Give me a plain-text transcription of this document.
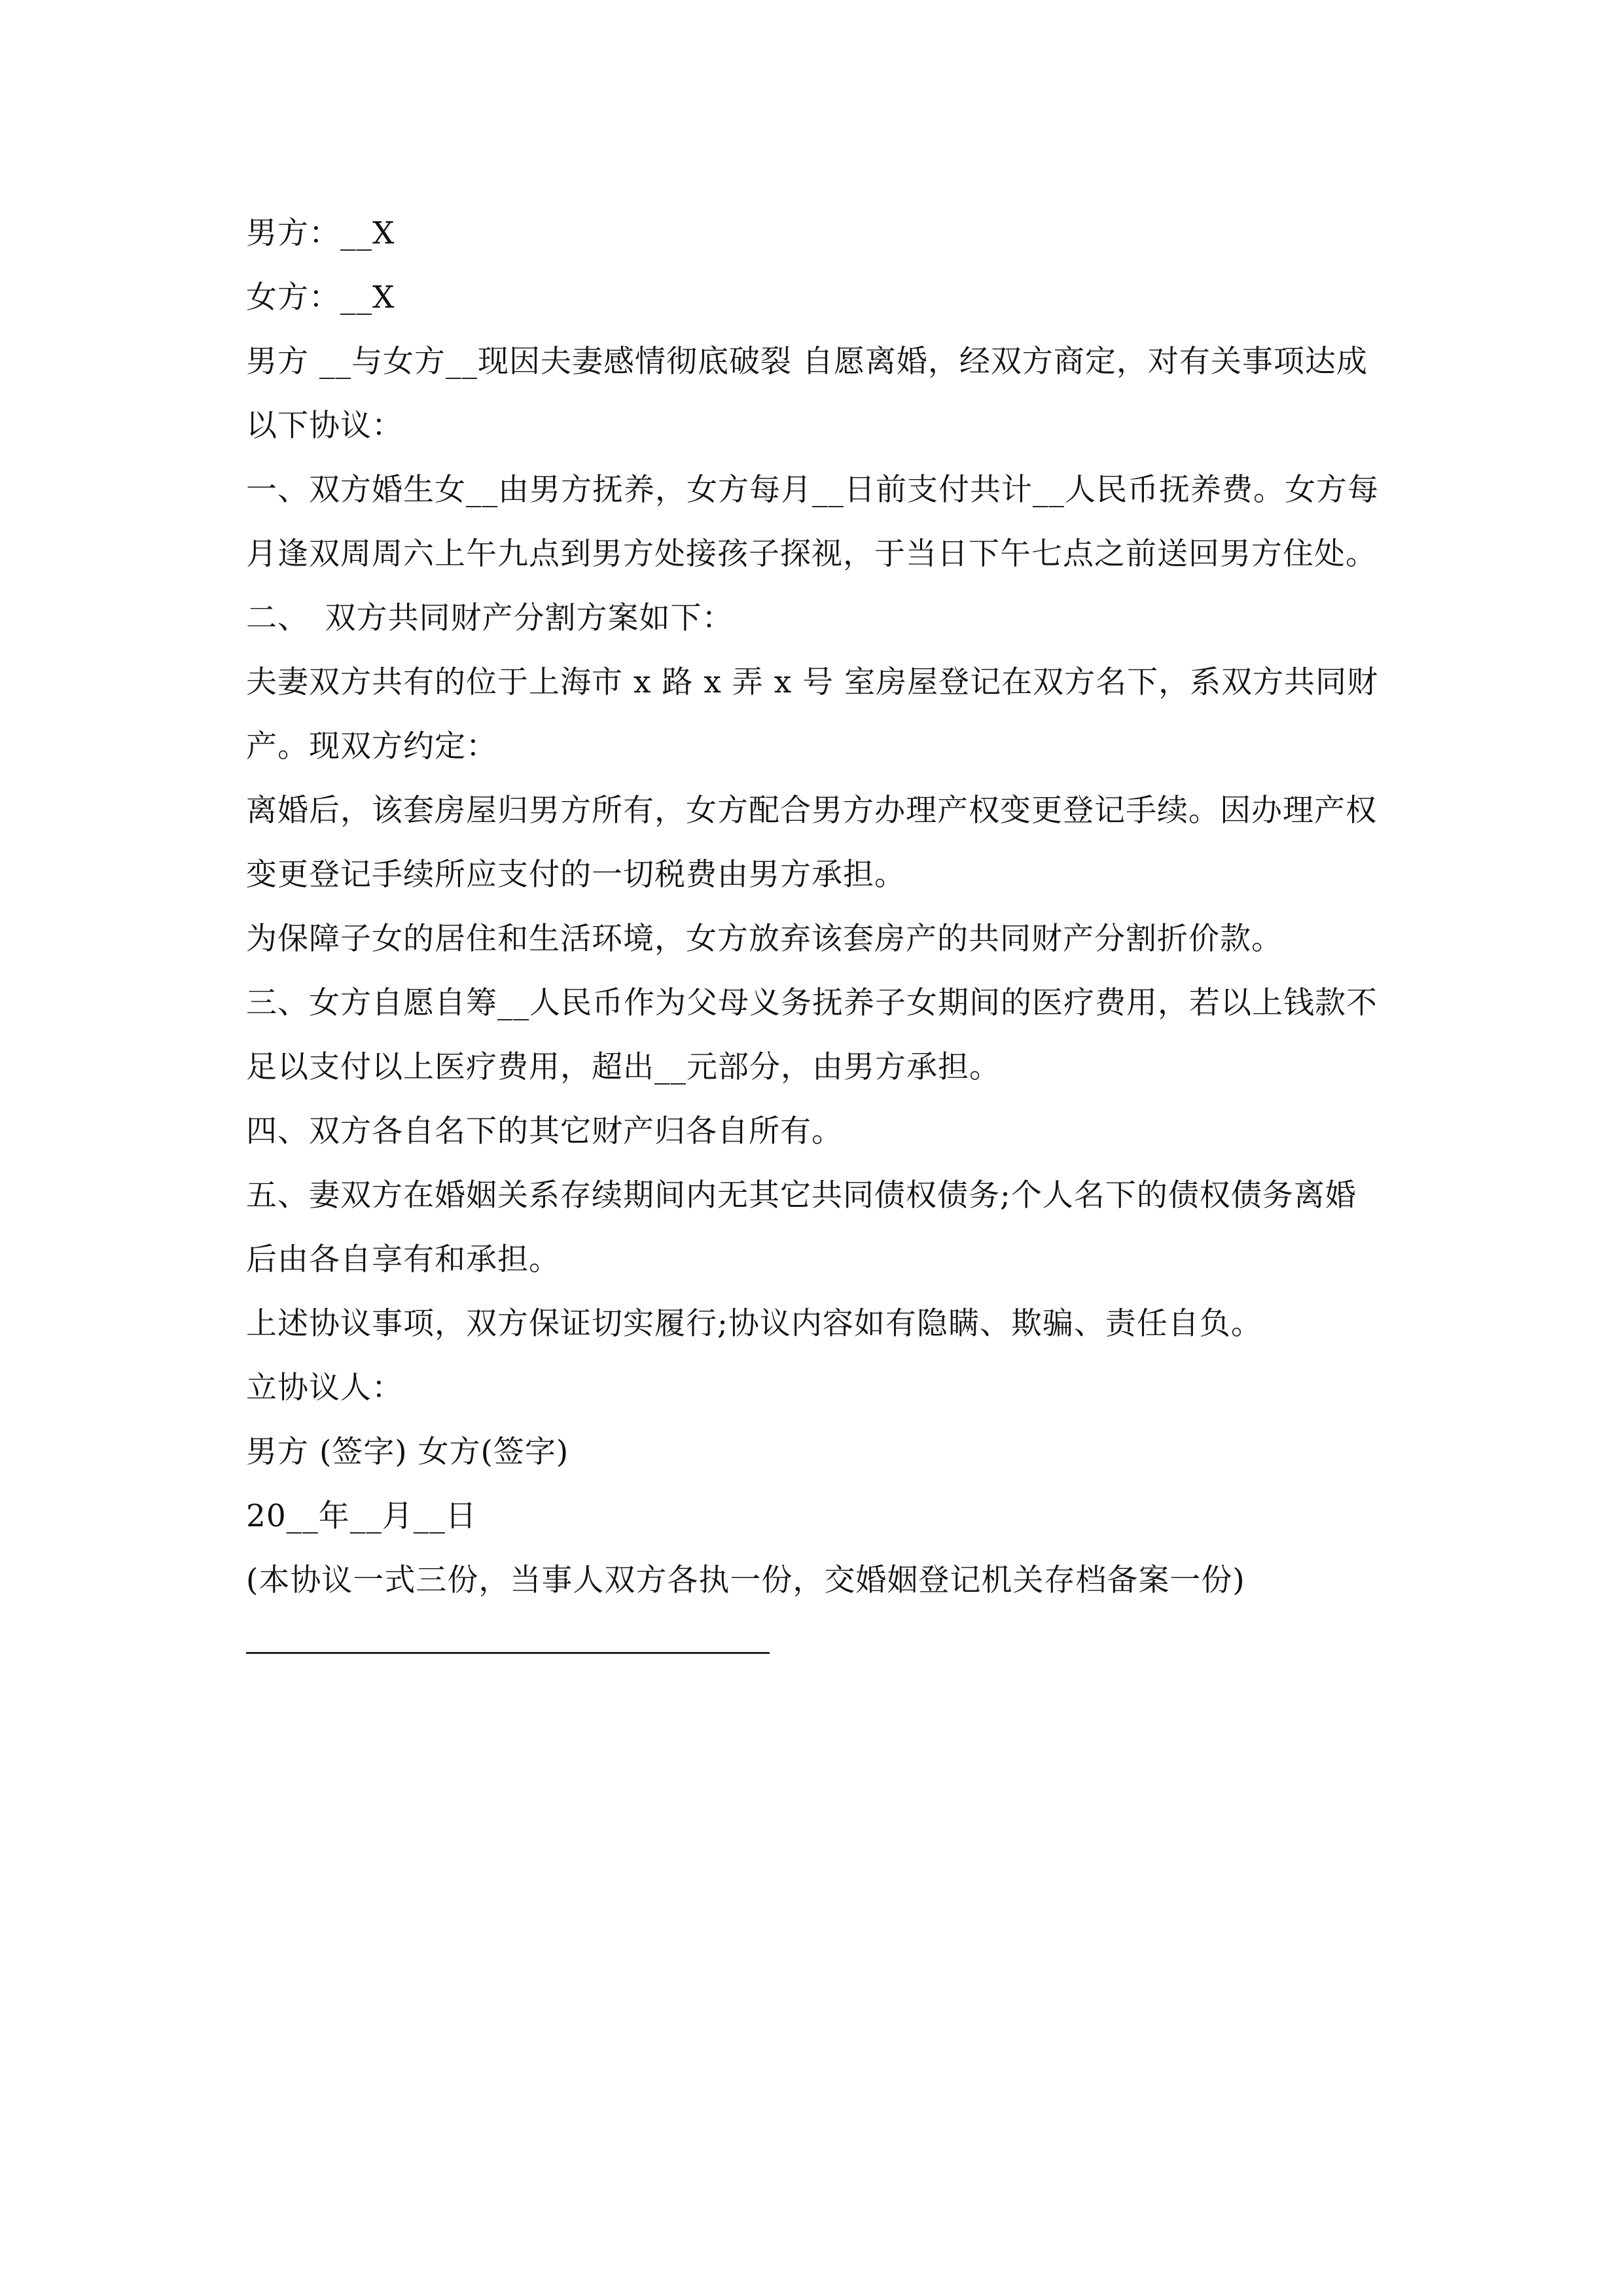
男方：__X

女方：__X

男方 __与女方__现因夫妻感情彻底破裂 自愿离婚，经双方商定，对有关事项达成以下协议：

一、双方婚生女__由男方抚养，女方每月__日前支付共计__人民币抚养费。女方每月逢双周周六上午九点到男方处接孩子探视，于当日下午七点之前送回男方住处。

二、　双方共同财产分割方案如下：

夫妻双方共有的位于上海市 x 路 x 弄 x 号 室房屋登记在双方名下，系双方共同财产。现双方约定：

离婚后，该套房屋归男方所有，女方配合男方办理产权变更登记手续。因办理产权变更登记手续所应支付的一切税费由男方承担。

为保障子女的居住和生活环境，女方放弃该套房产的共同财产分割折价款。

三、女方自愿自筹__人民币作为父母义务抚养子女期间的医疗费用，若以上钱款不足以支付以上医疗费用，超出__元部分，由男方承担。

四、双方各自名下的其它财产归各自所有。

五、妻双方在婚姻关系存续期间内无其它共同债权债务;个人名下的债权债务离婚后由各自享有和承担。

上述协议事项，双方保证切实履行;协议内容如有隐瞒、欺骗、责任自负。

立协议人：

男方 (签字) 女方(签字)

20__年__月__日

(本协议一式三份，当事人双方各执一份，交婚姻登记机关存档备案一份)
